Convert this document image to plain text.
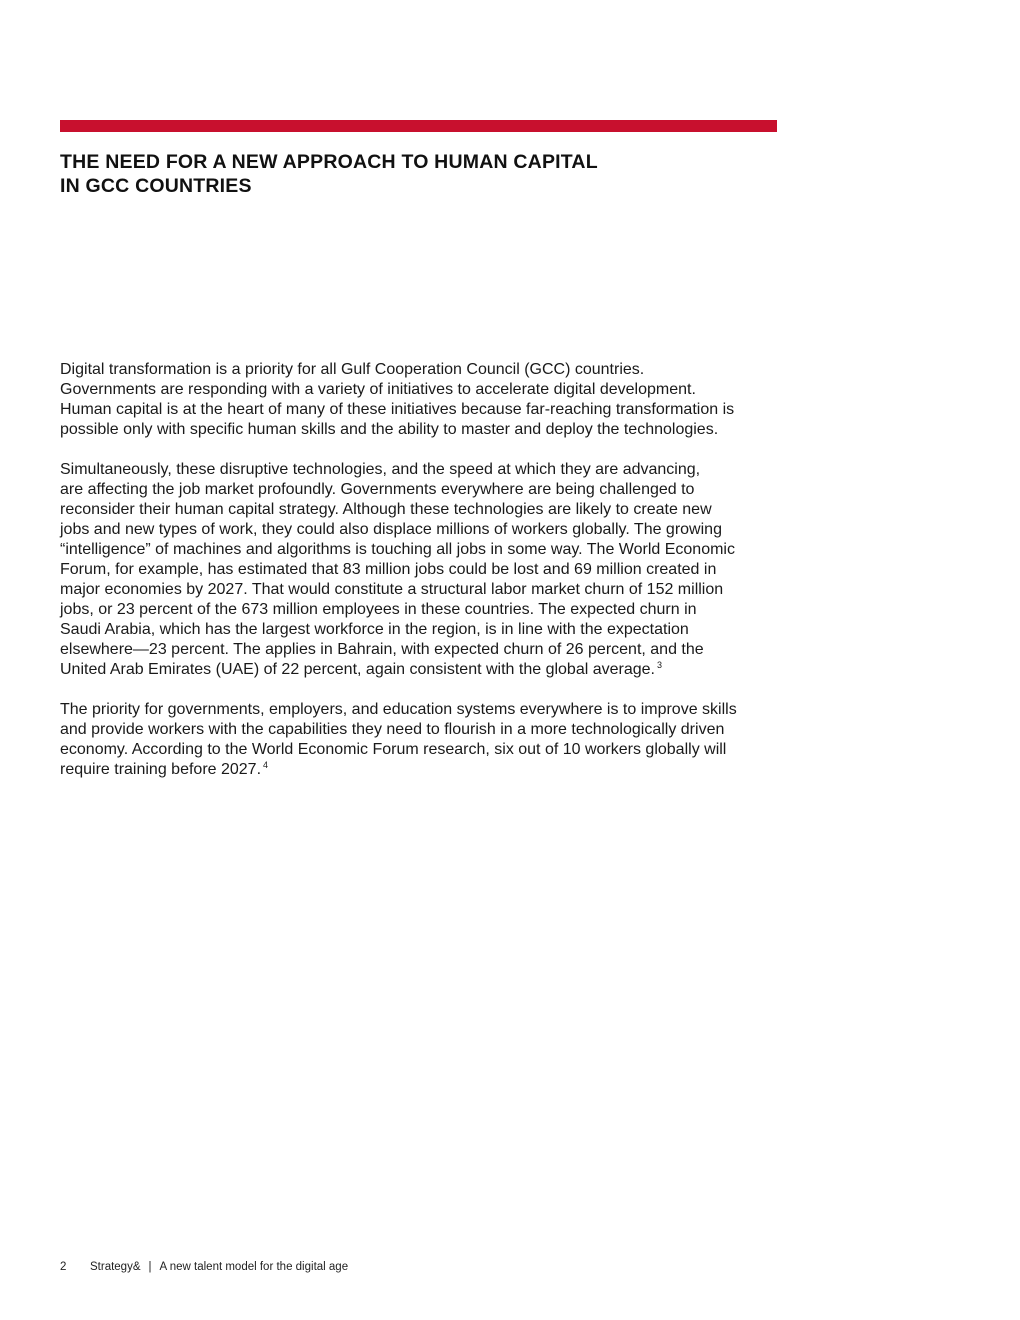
THE NEED FOR A NEW APPROACH TO HUMAN CAPITAL
IN GCC COUNTRIES

Digital transformation is a priority for all Gulf Cooperation Council (GCC) countries.
Governments are responding with a variety of initiatives to accelerate digital development.
Human capital is at the heart of many of these initiatives because far-reaching transformation is
possible only with specific human skills and the ability to master and deploy the technologies.

Simultaneously, these disruptive technologies, and the speed at which they are advancing,
are affecting the job market profoundly. Governments everywhere are being challenged to
reconsider their human capital strategy. Although these technologies are likely to create new
jobs and new types of work, they could also displace millions of workers globally. The growing
“intelligence” of machines and algorithms is touching all jobs in some way. The World Economic
Forum, for example, has estimated that 83 million jobs could be lost and 69 million created in
major economies by 2027. That would constitute a structural labor market churn of 152 million
jobs, or 23 percent of the 673 million employees in these countries. The expected churn in
Saudi Arabia, which has the largest workforce in the region, is in line with the expectation
elsewhere—23 percent. The applies in Bahrain, with expected churn of 26 percent, and the
United Arab Emirates (UAE) of 22 percent, again consistent with the global average. $^3$

The priority for governments, employers, and education systems everywhere is to improve skills
and provide workers with the capabilities they need to flourish in a more technologically driven
economy. According to the World Economic Forum research, six out of 10 workers globally will
require training before 2027. $^4$

2 Strategy& | A new talent model for the digital age
